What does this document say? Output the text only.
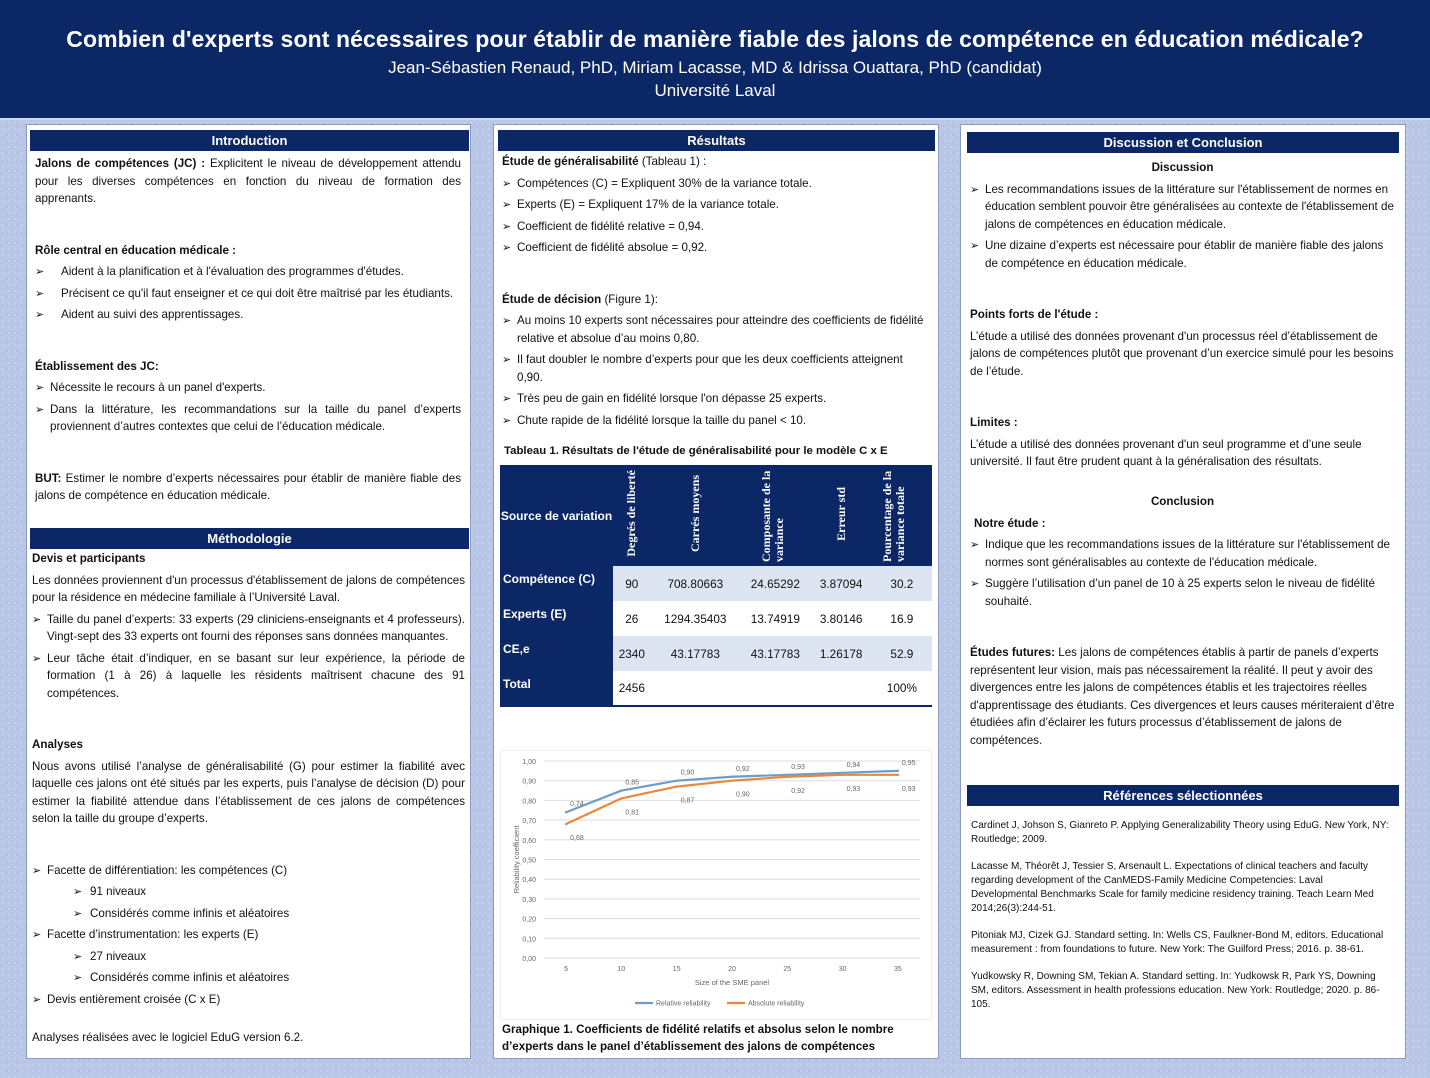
Combien d'experts sont nécessaires pour établir de manière fiable des jalons de compétence en éducation médicale?
Jean-Sébastien Renaud, PhD, Miriam Lacasse, MD & Idrissa Ouattara, PhD (candidat)
Université Laval
Introduction

Jalons de compétences (JC) : Explicitent le niveau de développement attendu pour les diverses compétences en fonction du niveau de formation des apprenants.

Rôle central en éducation médicale :

➢ Aident à la planification et à l'évaluation des programmes d'études.

➢ Précisent ce qu'il faut enseigner et ce qui doit être maîtrisé par les étudiants.

➢ Aident au suivi des apprentissages.

Établissement des JC:

➢ Nécessite le recours à un panel d'experts.

➢ Dans la littérature, les recommandations sur la taille du panel d’experts proviennent d’autres contextes que celui de l’éducation médicale.

BUT: Estimer le nombre d’experts nécessaires pour établir de manière fiable des jalons de compétence en éducation médicale.

Méthodologie

Devis et participants

Les données proviennent d'un processus d'établissement de jalons de compétences pour la résidence en médecine familiale à l’Université Laval.

➢ Taille du panel d’experts: 33 experts (29 cliniciens-enseignants et 4 professeurs). Vingt-sept des 33 experts ont fourni des réponses sans données manquantes.

➢ Leur tâche était d’indiquer, en se basant sur leur expérience, la période de formation (1 à 26) à laquelle les résidents maîtrisent chacune des 91 compétences.

Analyses

Nous avons utilisé l’analyse de généralisabilité (G) pour estimer la fiabilité avec laquelle ces jalons ont été situés par les experts, puis l’analyse de décision (D) pour estimer la fiabilité attendue dans l’établissement de ces jalons de compétences selon la taille du groupe d’experts.

➢ Facette de différentiation: les compétences (C)

➢ 91 niveaux

➢ Considérés comme infinis et aléatoires

➢ Facette d’instrumentation: les experts (E)

➢ 27 niveaux

➢ Considérés comme infinis et aléatoires

➢ Devis entièrement croisée (C x E)

Analyses réalisées avec le logiciel EduG version 6.2.

Résultats

Étude de généralisabilité (Tableau 1) :

➢ Compétences (C) = Expliquent 30% de la variance totale.

➢ Experts (E) = Expliquent 17% de la variance totale.

➢ Coefficient de fidélité relative = 0,94.

➢ Coefficient de fidélité absolue = 0,92.

Étude de décision (Figure 1):

➢ Au moins 10 experts sont nécessaires pour atteindre des coefficients de fidélité relative et absolue d’au moins 0,80.

➢ Il faut doubler le nombre d’experts pour que les deux coefficients atteignent 0,90.

➢ Très peu de gain en fidélité lorsque l'on dépasse 25 experts.

➢ Chute rapide de la fidélité lorsque la taille du panel < 10.

Tableau 1. Résultats de l'étude de généralisabilité pour le modèle C x E
Source de variation	Degrés de liberté	Carrés moyens	Composante de la variance	Erreur std	Pourcentage de la variance totale
Compétence (C)	90	708.80663	24.65292	3.87094	30.2
Experts (E)	26	1294.35403	13.74919	3.80146	16.9
CE,e	2340	43.17783	43.17783	1.26178	52.9
Total	2456				100%
0,00
0,10
0,20
0,30
0,40
0,50
0,60
0,70
0,80
0,90
1,00
5	10	15	20	25	30	35
Size of the SME panel
Reliability coefficient
0,74
0,85
0,90
0,92	0,93	0,94	0,95
0,68
0,81
0,87
0,90
0,92	0,93	0,93
Relative reliability	Absolute reliability
Graphique 1. Coefficients de fidélité relatifs et absolus selon le nombre d’experts dans le panel d’établissement des jalons de compétences
Discussion et Conclusion

Discussion

➢ Les recommandations issues de la littérature sur l'établissement de normes en éducation semblent pouvoir être généralisées au contexte de l'établissement de jalons de compétences en éducation médicale.

➢ Une dizaine d’experts est nécessaire pour établir de manière fiable des jalons de compétence en éducation médicale.

Points forts de l'étude :

L’étude a utilisé des données provenant d'un processus réel d’établissement de jalons de compétences plutôt que provenant d’un exercice simulé pour les besoins de l’étude.

Limites :

L’étude a utilisé des données provenant d'un seul programme et d’une seule université. Il faut être prudent quant à la généralisation des résultats.

Conclusion

Notre étude :

➢ Indique que les recommandations issues de la littérature sur l'établissement de normes sont généralisables au contexte de l'éducation médicale.

➢ Suggère l’utilisation d’un panel de 10 à 25 experts selon le niveau de fidélité souhaité.

Études futures: Les jalons de compétences établis à partir de panels d’experts représentent leur vision, mais pas nécessairement la réalité. Il peut y avoir des divergences entre les jalons de compétences établis et les trajectoires réelles d'apprentissage des étudiants. Ces divergences et leurs causes mériteraient d’être étudiées afin d’éclairer les futurs processus d’établissement de jalons de compétences.

Références sélectionnées

Cardinet J, Johson S, Gianreto P. Applying Generalizability Theory using EduG. New York, NY: Routledge; 2009.

Lacasse M, Théorêt J, Tessier S, Arsenault L. Expectations of clinical teachers and faculty regarding development of the CanMEDS-Family Medicine Competencies: Laval Developmental Benchmarks Scale for family medicine residency training. Teach Learn Med 2014;26(3):244-51.

Pitoniak MJ, Cizek GJ. Standard setting. In: Wells CS, Faulkner-Bond M, editors. Educational measurement : from foundations to future. New York: The Guilford Press; 2016. p. 38-61.

Yudkowsky R, Downing SM, Tekian A. Standard setting. In: Yudkowsk R, Park YS, Downing SM, editors. Assessment in health professions education. New York: Routledge; 2020. p. 86-105.
